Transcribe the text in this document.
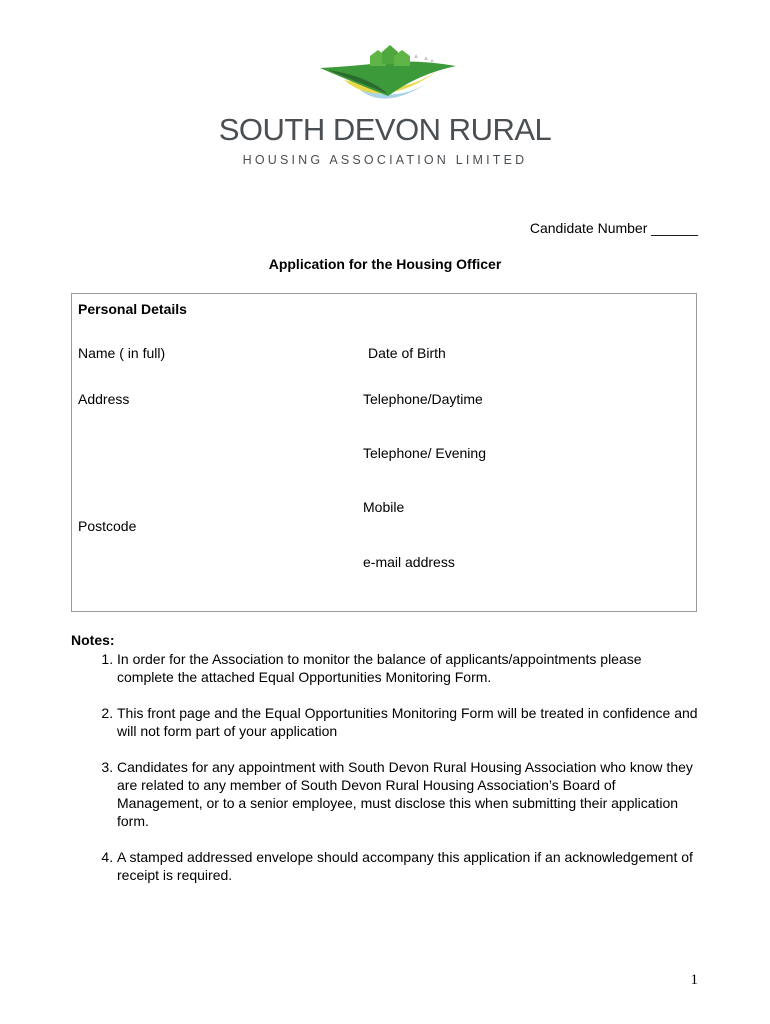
SOUTH DEVON RURAL
HOUSING ASSOCIATION LIMITED
Candidate Number ______
Application for the Housing Officer
Personal Details
Name ( in full)	Date of Birth
Address	Telephone/Daytime
Telephone/ Evening
Mobile
Postcode
e-mail address
Notes:
1. In order for the Association to monitor the balance of applicants/appointments please complete the attached Equal Opportunities Monitoring Form.
2. This front page and the Equal Opportunities Monitoring Form will be treated in confidence and will not form part of your application
3. Candidates for any appointment with South Devon Rural Housing Association who know they are related to any member of South Devon Rural Housing Association’s Board of Management, or to a senior employee, must disclose this when submitting their application form.
4. A stamped addressed envelope should accompany this application if an acknowledgement of receipt is required.
1
